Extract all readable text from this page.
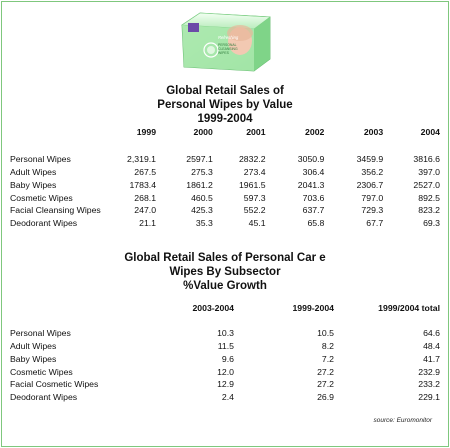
Refreshing
PERSONAL
CLEANSING
WIPES
Global Retail Sales of
Personal Wipes by Value
1999-2004
	1999	2000	2001	2002	2003	2004

Personal Wipes	2,319.1	2597.1	2832.2	3050.9	3459.9	3816.6
Adult Wipes	267.5	275.3	273.4	306.4	356.2	397.0
Baby Wipes	1783.4	1861.2	1961.5	2041.3	2306.7	2527.0
Cosmetic Wipes	268.1	460.5	597.3	703.6	797.0	892.5
Facial Cleansing Wipes	247.0	425.3	552.2	637.7	729.3	823.2
Deodorant Wipes	21.1	35.3	45.1	65.8	67.7	69.3
Global Retail Sales of Personal Car e
Wipes By Subsector
%Value Growth
	2003-2004	1999-2004	1999/2004 total

Personal Wipes	10.3	10.5	64.6
Adult Wipes	11.5	8.2	48.4
Baby Wipes	9.6	7.2	41.7
Cosmetic Wipes	12.0	27.2	232.9
Facial Cosmetic Wipes	12.9	27.2	233.2
Deodorant Wipes	2.4	26.9	229.1
source: Euromonitor
